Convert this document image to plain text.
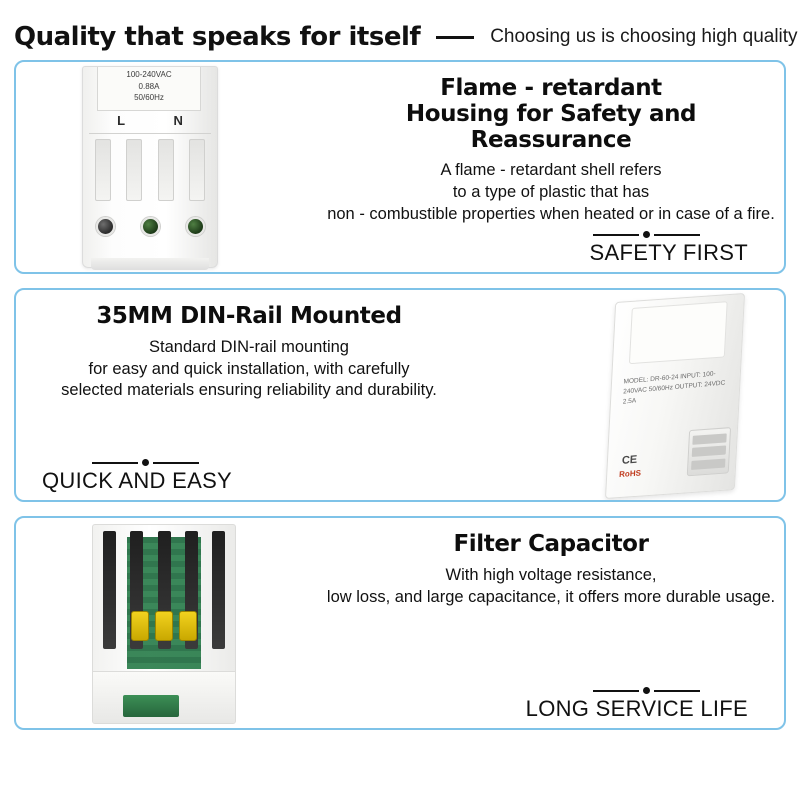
Quality that speaks for itself	Choosing us is choosing high quality
100-240VAC
0.88A
50/60Hz
L	N
Flame - retardant
Housing for Safety and Reassurance
A flame - retardant shell refers
to a type of plastic that has
non - combustible properties when heated or in case of a fire.
SAFETY FIRST
MODEL: DR-60-24 INPUT: 100-240VAC 50/60Hz OUTPUT: 24VDC 2.5A
CE
RoHS
35MM DIN-Rail Mounted
Standard DIN-rail mounting
for easy and quick installation, with carefully
selected materials ensuring reliability and durability.
QUICK AND EASY
Filter Capacitor
With high voltage resistance,
low loss, and large capacitance, it offers more durable usage.
LONG SERVICE LIFE
